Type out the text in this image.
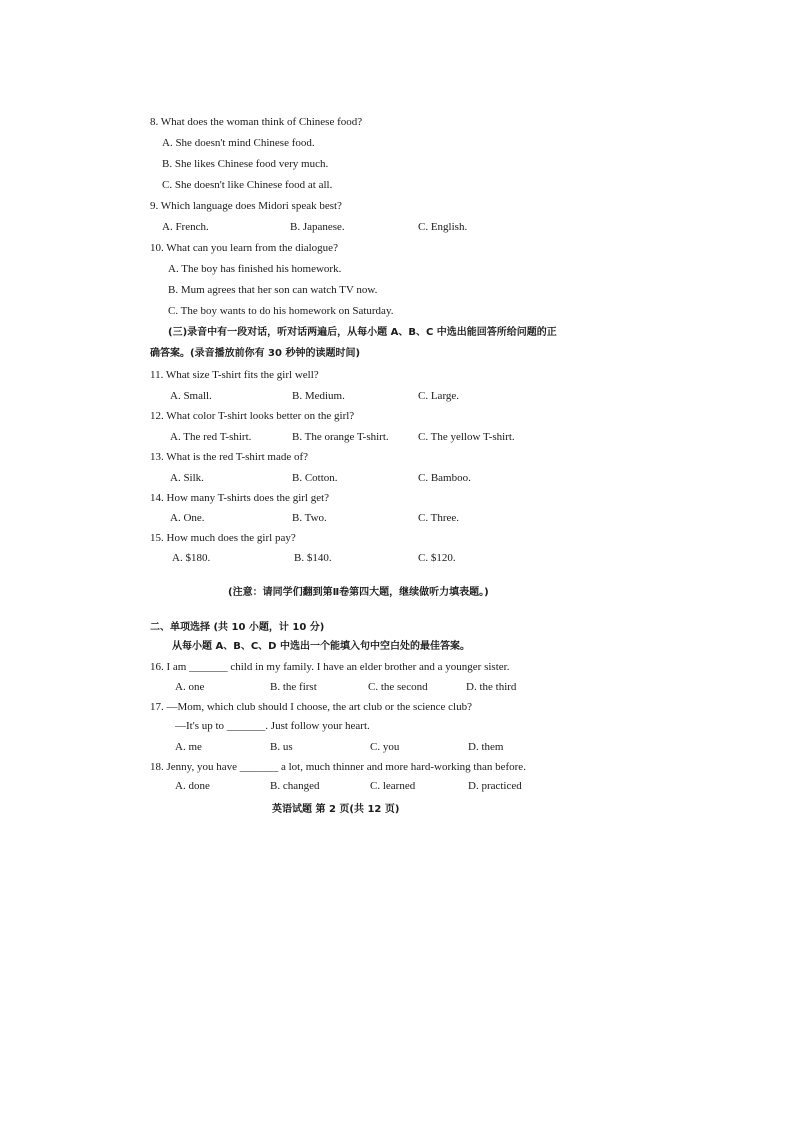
8. What does the woman think of Chinese food?
A. She doesn't mind Chinese food.
B. She likes Chinese food very much.
C. She doesn't like Chinese food at all.
9. Which language does Midori speak best?
A. French.	B. Japanese.	C. English.
10. What can you learn from the dialogue?
A. The boy has finished his homework.
B. Mum agrees that her son can watch TV now.
C. The boy wants to do his homework on Saturday.
(三)录音中有一段对话，听对话两遍后，从每小题 A、B、C 中选出能回答所给问题的正
确答案。(录音播放前你有 30 秒钟的读题时间)
11. What size T-shirt fits the girl well?
A. Small.	B. Medium.	C. Large.
12. What color T-shirt looks better on the girl?
A. The red T-shirt.	B. The orange T-shirt.	C. The yellow T-shirt.
13. What is the red T-shirt made of?
A. Silk.	B. Cotton.	C. Bamboo.
14. How many T-shirts does the girl get?
A. One.	B. Two.	C. Three.
15. How much does the girl pay?
A. $180.	B. $140.	C. $120.
(注意：请同学们翻到第Ⅱ卷第四大题，继续做听力填表题。)
二、单项选择 (共 10 小题，计 10 分)
从每小题 A、B、C、D 中选出一个能填入句中空白处的最佳答案。
16. I am _______ child in my family. I have an elder brother and a younger sister.
A. one	B. the first	C. the second	D. the third
17. —Mom, which club should I choose, the art club or the science club?
—It's up to _______. Just follow your heart.
A. me	B. us	C. you	D. them
18. Jenny, you have _______ a lot, much thinner and more hard-working than before.
A. done	B. changed	C. learned	D. practiced
英语试题 第 2 页(共 12 页)
